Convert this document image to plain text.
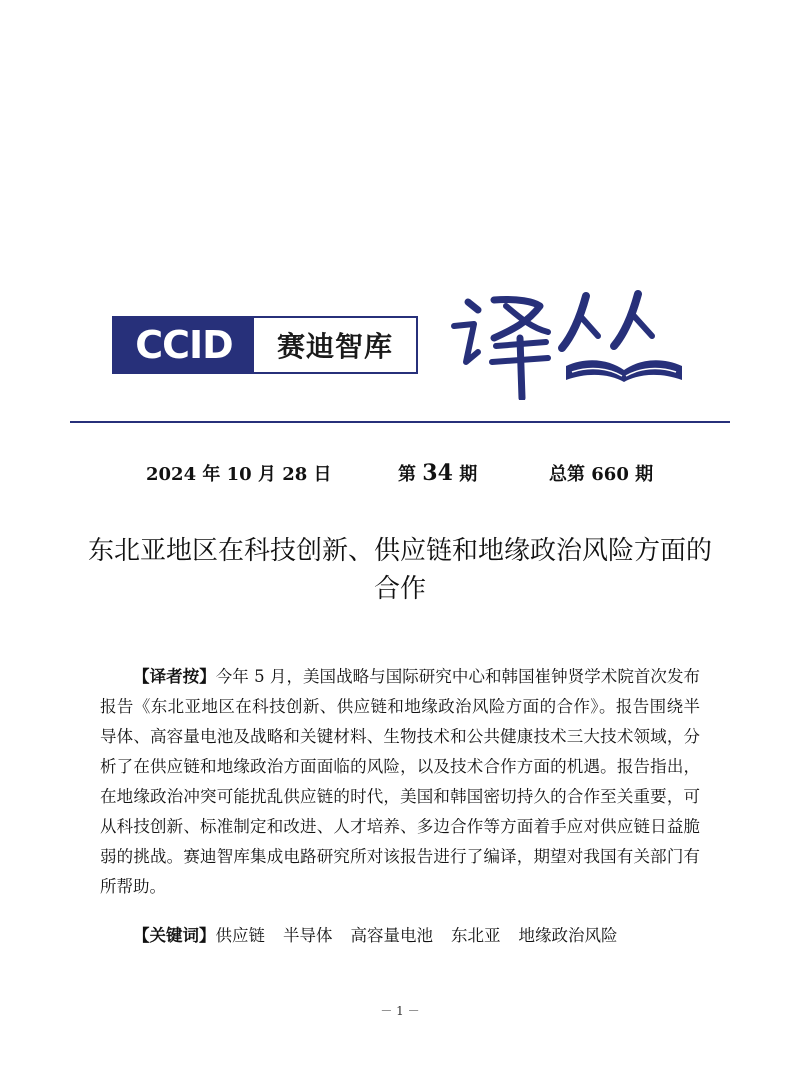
CCID	赛迪智库
2024 年 10 月 28 日	第 34 期	总第 660 期
东北亚地区在科技创新、供应链和地缘政治风险方面的合作

【译者按】今年 5 月，美国战略与国际研究中心和韩国崔钟贤学术院首次发布报告《东北亚地区在科技创新、供应链和地缘政治风险方面的合作》。报告围绕半导体、高容量电池及战略和关键材料、生物技术和公共健康技术三大技术领域，分析了在供应链和地缘政治方面面临的风险，以及技术合作方面的机遇。报告指出，在地缘政治冲突可能扰乱供应链的时代，美国和韩国密切持久的合作至关重要，可从科技创新、标准制定和改进、人才培养、多边合作等方面着手应对供应链日益脆弱的挑战。赛迪智库集成电路研究所对该报告进行了编译，期望对我国有关部门有所帮助。

【关键词】供应链 半导体 高容量电池 东北亚 地缘政治风险

－ 1 －
